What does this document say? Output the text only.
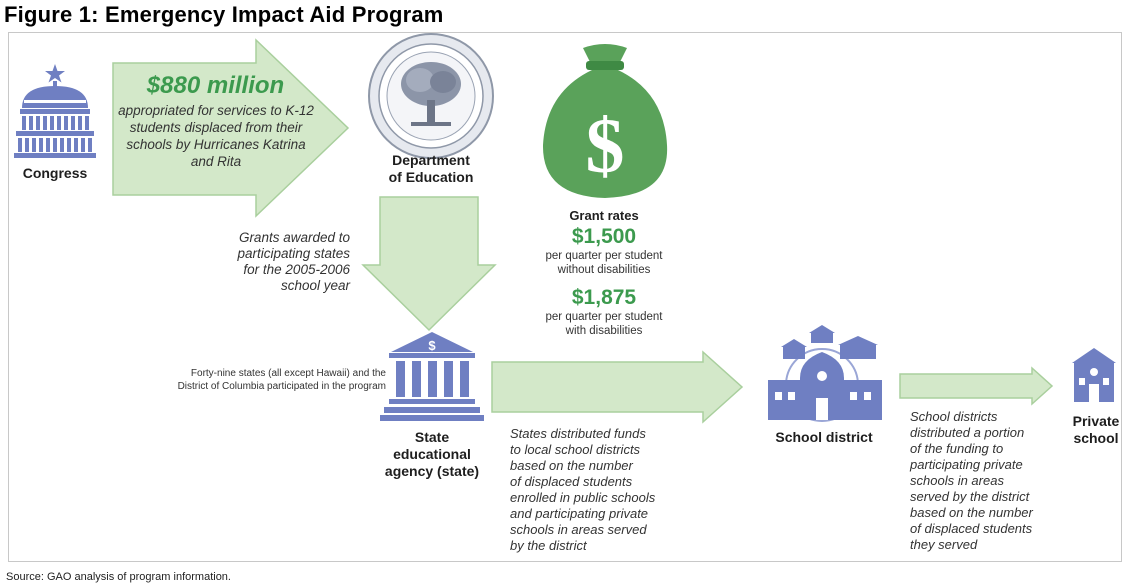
Figure 1: Emergency Impact Aid Program
$
$
Congress
$880 million
appropriated for services to K-12 students displaced from their schools by Hurricanes Katrina and Rita	Department
of Education
Grants awarded to
participating states
for the 2005-2006
school year
Grant rates
$1,500
per quarter per student
without disabilities
$1,875
per quarter per student
with disabilities
Forty-nine states (all except Hawaii) and the
District of Columbia participated in the program
State
educational
agency (state)
States distributed funds
to local school districts
based on the number
of displaced students
enrolled in public schools
and participating private
schools in areas served
by the district
School district
School districts
distributed a portion
of the funding to
participating private
schools in areas
served by the district
based on the number
of displaced students
they served
Private
school
Source: GAO analysis of program information.
